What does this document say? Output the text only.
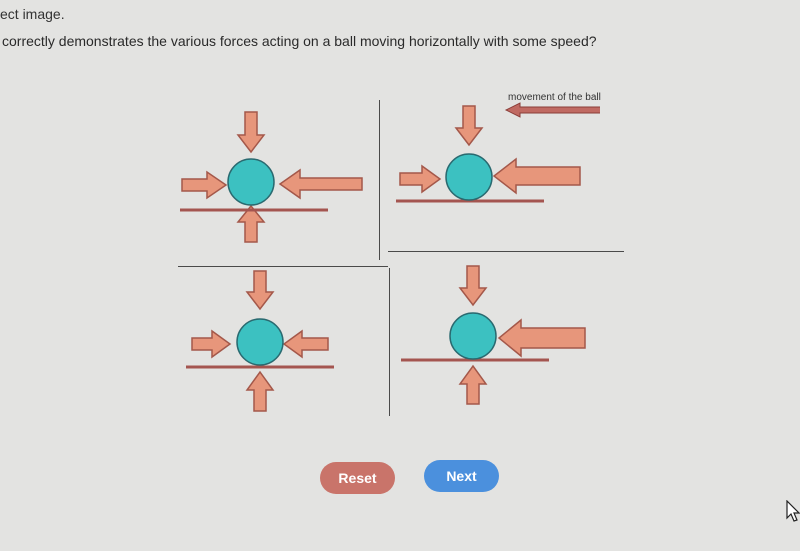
ect image.
correctly demonstrates the various forces acting on a ball moving horizontally with some speed?
movement of the ball
Reset	Next
